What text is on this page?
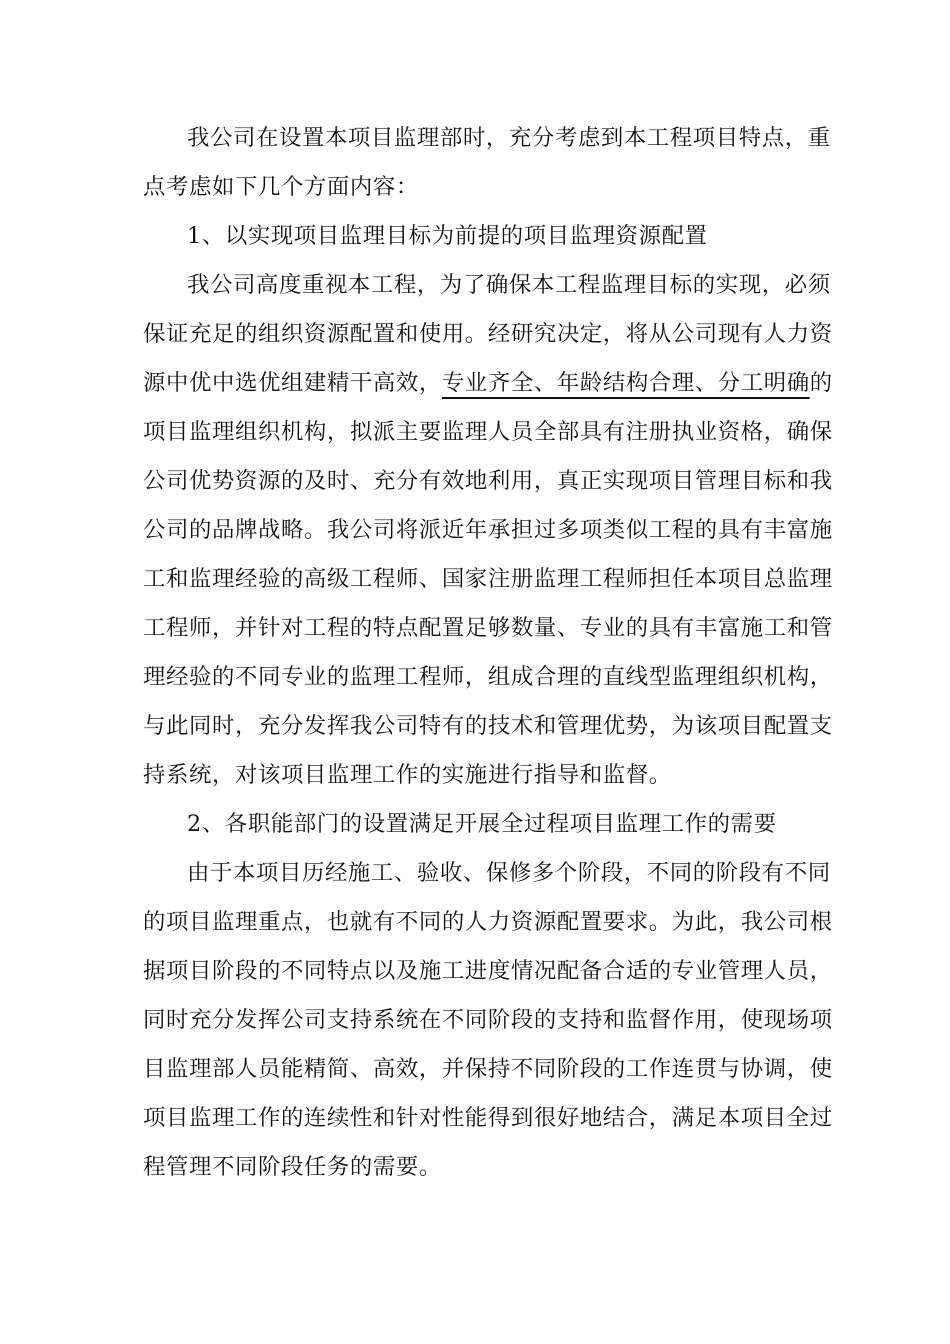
我公司在设置本项目监理部时，充分考虑到本工程项目特点，重
点考虑如下几个方面内容：
1、以实现项目监理目标为前提的项目监理资源配置
我公司高度重视本工程，为了确保本工程监理目标的实现，必须
保证充足的组织资源配置和使用。经研究决定，将从公司现有人力资
源中优中选优组建精干高效，专业齐全、年龄结构合理、分工明确的
项目监理组织机构，拟派主要监理人员全部具有注册执业资格，确保
公司优势资源的及时、充分有效地利用，真正实现项目管理目标和我
公司的品牌战略。我公司将派近年承担过多项类似工程的具有丰富施
工和监理经验的高级工程师、国家注册监理工程师担任本项目总监理
工程师，并针对工程的特点配置足够数量、专业的具有丰富施工和管
理经验的不同专业的监理工程师，组成合理的直线型监理组织机构，
与此同时，充分发挥我公司特有的技术和管理优势，为该项目配置支
持系统，对该项目监理工作的实施进行指导和监督。
2、各职能部门的设置满足开展全过程项目监理工作的需要
由于本项目历经施工、验收、保修多个阶段，不同的阶段有不同
的项目监理重点，也就有不同的人力资源配置要求。为此，我公司根
据项目阶段的不同特点以及施工进度情况配备合适的专业管理人员，
同时充分发挥公司支持系统在不同阶段的支持和监督作用，使现场项
目监理部人员能精简、高效，并保持不同阶段的工作连贯与协调，使
项目监理工作的连续性和针对性能得到很好地结合，满足本项目全过
程管理不同阶段任务的需要。
